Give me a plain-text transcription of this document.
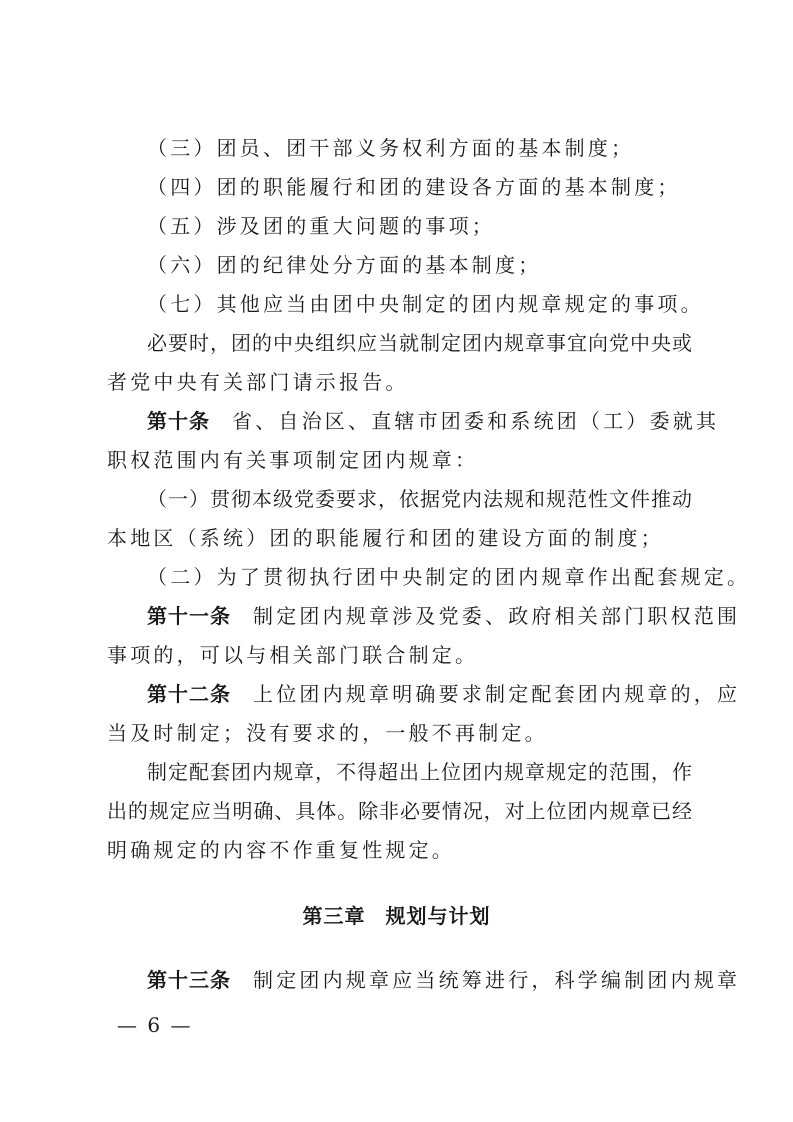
（三）团员、团干部义务权利方面的基本制度；
（四）团的职能履行和团的建设各方面的基本制度；
（五）涉及团的重大问题的事项；
（六）团的纪律处分方面的基本制度；
（七）其他应当由团中央制定的团内规章规定的事项。
必要时，团的中央组织应当就制定团内规章事宜向党中央或
者党中央有关部门请示报告。
第十条 省、自治区、直辖市团委和系统团（工）委就其
职权范围内有关事项制定团内规章：
（一）贯彻本级党委要求，依据党内法规和规范性文件推动
本地区（系统）团的职能履行和团的建设方面的制度；
（二）为了贯彻执行团中央制定的团内规章作出配套规定。
第十一条 制定团内规章涉及党委、政府相关部门职权范围
事项的，可以与相关部门联合制定。
第十二条 上位团内规章明确要求制定配套团内规章的，应
当及时制定；没有要求的，一般不再制定。
制定配套团内规章，不得超出上位团内规章规定的范围，作
出的规定应当明确、具体。除非必要情况，对上位团内规章已经
明确规定的内容不作重复性规定。
第三章 规划与计划
第十三条 制定团内规章应当统筹进行，科学编制团内规章
— 6 —
